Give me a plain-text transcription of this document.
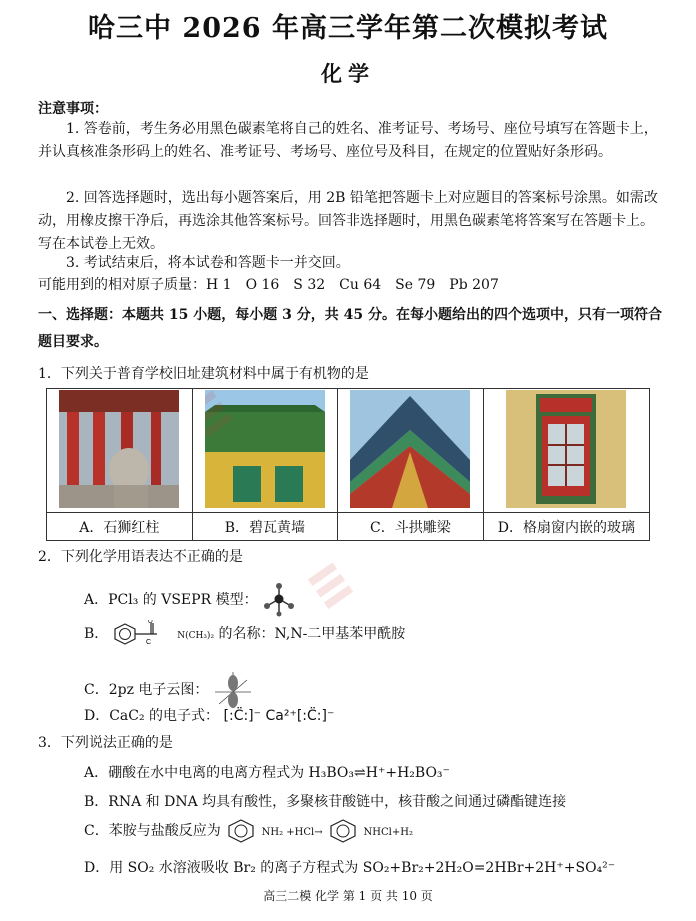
哈三中 2026 年高三学年第二次模拟考试
化学
注意事项：
1. 答卷前，考生务必用黑色碳素笔将自己的姓名、准考证号、考场号、座位号填写在答题卡上，并认真核准条形码上的姓名、准考证号、考场号、座位号及科目，在规定的位置贴好条形码。
2. 回答选择题时，选出每小题答案后，用 2B 铅笔把答题卡上对应题目的答案标号涂黑。如需改动，用橡皮擦干净后，再选涂其他答案标号。回答非选择题时，用黑色碳素笔将答案写在答题卡上。写在本试卷上无效。
3. 考试结束后，将本试卷和答题卡一并交回。
可能用到的相对原子质量：H 1　O 16　S 32　Cu 64　Se 79　Pb 207
一、选择题：本题共 15 小题，每小题 3 分，共 45 分。在每小题给出的四个选项中，只有一项符合题目要求。
1．下列关于普育学校旧址建筑材料中属于有机物的是

A．石狮红柱	B．碧瓦黄墙	C．斗拱雕梁	D．格扇窗内嵌的玻璃
2．下列化学用语表达不正确的是
A．PCl₃ 的 VSEPR 模型：
B．
O
C
N(CH₃)₂ 的名称：N,N-二甲基苯甲酰胺
C．2pz 电子云图：
D．CaC₂ 的电子式： [:C̈:]⁻ Ca²⁺[:C̈:]⁻
3．下列说法正确的是
A．硼酸在水中电离的电离方程式为 H₃BO₃⇌H⁺+H₂BO₃⁻
B．RNA 和 DNA 均具有酸性，多聚核苷酸链中，核苷酸之间通过磷酯键连接
C．苯胺与盐酸反应为	NH₂ +HCl→	NHCl+H₂
D．用 SO₂ 水溶液吸收 Br₂ 的离子方程式为 SO₂+Br₂+2H₂O=2HBr+2H⁺+SO₄²⁻
高三二模 化学 第 1 页 共 10 页
